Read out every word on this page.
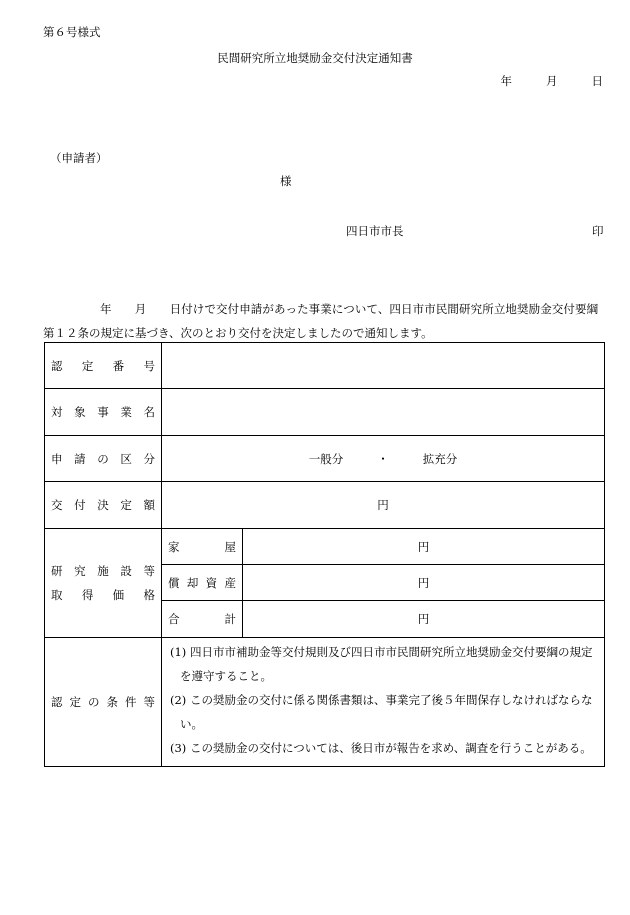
第６号様式
民間研究所立地奨励金交付決定通知書
年	月	日
（申請者）
様
四日市市長	印
年　　月　　日付けで交付申請があった事業について、四日市市民間研究所立地奨励金交付要綱
第１２条の規定に基づき、次のとおり交付を決定しましたので通知します。
認定番号		
対象事業名		
申請の区分	一般分 ・ 拡充分	
交付決定額	円	

研究施設等
取得価格	家屋	円
	償却資産	円
	合計	円
認定の条件等	(1) 四日市市補助金等交付規則及び四日市市民間研究所立地奨励金交付要綱の規定
を遵守すること。
(2) この奨励金の交付に係る関係書類は、事業完了後５年間保存しなければならな
い。
(3) この奨励金の交付については、後日市が報告を求め、調査を行うことがある。	
